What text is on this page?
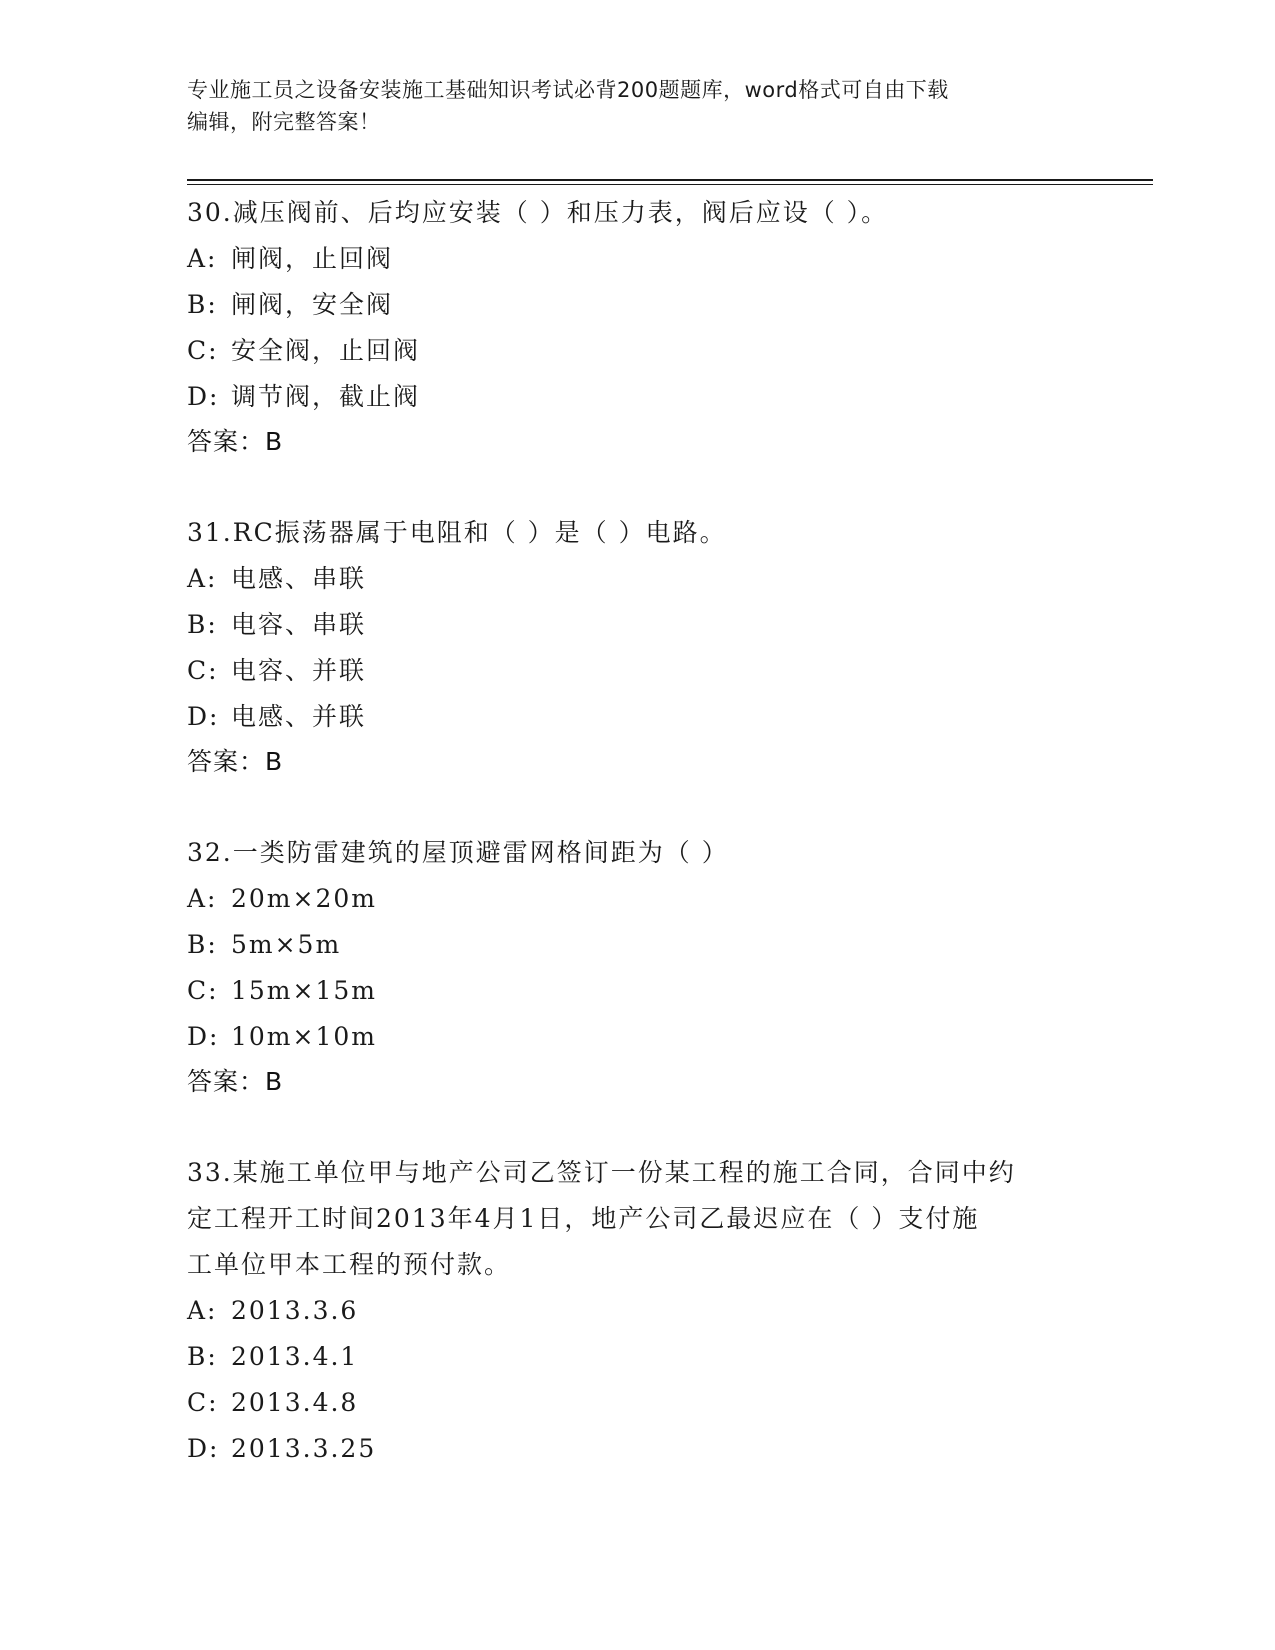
专业施工员之设备安装施工基础知识考试必背200题题库，word格式可自由下载
编辑，附完整答案！
30.减压阀前、后均应安装（ ）和压力表，阀后应设（ ）。
A: 闸阀，止回阀
B: 闸阀，安全阀
C: 安全阀，止回阀
D: 调节阀，截止阀
答案：B
31.RC振荡器属于电阻和（ ）是（ ）电路。
A: 电感、串联
B: 电容、串联
C: 电容、并联
D: 电感、并联
答案：B
32.一类防雷建筑的屋顶避雷网格间距为（ ）
A: 20m×20m
B: 5m×5m
C: 15m×15m
D: 10m×10m
答案：B
33.某施工单位甲与地产公司乙签订一份某工程的施工合同，合同中约
定工程开工时间2013年4月1日，地产公司乙最迟应在（ ）支付施
工单位甲本工程的预付款。
A: 2013.3.6
B: 2013.4.1
C: 2013.4.8
D: 2013.3.25
